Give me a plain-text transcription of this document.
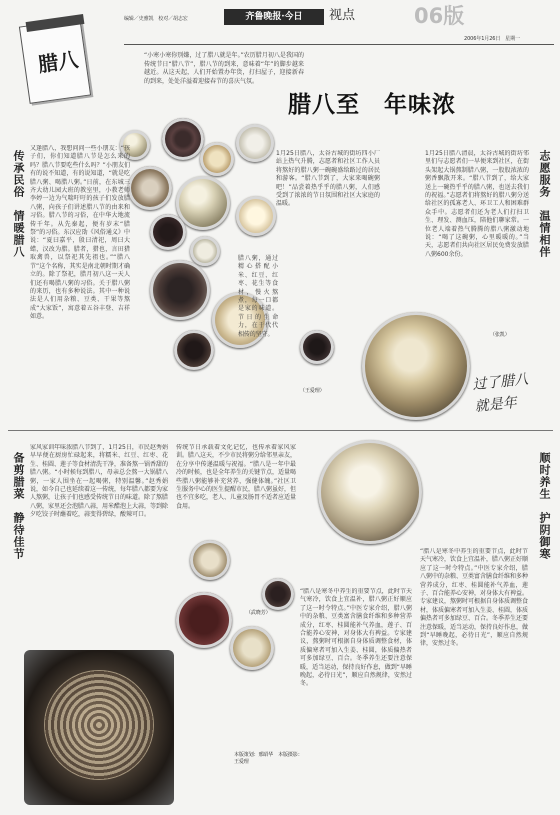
编辑／史雅凯　校对／胡志宏	齐鲁晚报·今日	视点	06版
2006年1月26日　星期一
腊八	“小寒小寒你别嫌，过了腊八就是年。”农历腊月初八是我国的传统节日“腊八节”，腊八节的到来，意味着“年”的脚步越来越近。从这天起，人们开始置办年货，打扫屋子，迎接新春的到来，处处洋溢着迎接春节的喜庆气氛。
腊八至　年味浓
传承民俗　情暖腊八
又逢腊八，我想问问一些小朋友：“孩子们，你们知道腊八节是怎么来的吗？腊八节要吃些什么吗？”小朋友们有的说不知道，有的说知道，“就是吃腊八粥、喝腊八粥。”日前，在东城三齐大幼儿园大班的教室里，小教老师李婷一边为气喘吁吁的孩子们发放腊八粥，向孩子们讲述腊八节的由来和习俗。腊八节的习俗，在中华大地流传千年。从先秦起，便有岁末“腊祭”的习俗。东汉应劭《风俗通义》中说：“夏曰嘉平，殷曰清祀，周曰大蜡，汉改为腊。腊者，猎也，言田猎取禽兽，以祭祀其先祖也。”“腊八节”这个名称，其实是南北朝时期才确立的。除了祭祀，腊月初八这一天人们还有喝腊八粥的习俗。关于腊八粥的来历，也有多种说法。其中一种说法是人们用杂粮、豆类、干果等熬成“大家饭”，寓意着五谷丰登、吉祥如意。
1月25日腊八，太谷古城的街坊四小厂站上热气升腾，志愿者和社区工作人员将熬好的腊八粥一碗碗盛给路过的居民和游客。“腊八节到了，大家来喝碗粥吧！”品尝着热乎乎的腊八粥，人们感受到了浓浓的节日氛围和社区大家庭的温暖。
腊八粥，通过精心搭配小米、红豆、红枣、花生等食材，慢火熬煮，每一口都是家的味道。节日的生命力，在于代代相传的坚守。
（王爱理）
志愿服务　温情相伴
1月25日腊八清晨，太谷古城的街坊邻里们与志愿者们一早便来到社区，在街头架起大锅熬制腊八粥，一股股浓浓的粥香飘散开来。“腊八节到了，给大家送上一碗热乎乎的腊八粥，也送去我们的祝福。”志愿者们将熬好的腊八粥分送给社区的孤寡老人、环卫工人和困难群众手中。志愿者们还为老人们打扫卫生、理发、测血压，陪他们聊家常。一位老人端着热气腾腾的腊八粥激动地说：“喝了这碗粥，心里暖暖的。”当天，志愿者们共向社区居民免费发放腊八粥600余份。
（张凯）
过了腊八　就是年
备剪腊菜　静待佳节
家风家训年味浓腊八节到了，1月25日，市民赵秀娟早早便在厨房忙碌起来，将糯米、红豆、红枣、花生、桂圆、莲子等食材清洗干净，准备熬一锅香甜的腊八粥。“小时候每到腊八，母亲总会熬一大锅腊八粥，一家人围坐在一起喝粥，特别温馨。”赵秀娟说，如今自己也延续着这一传统，每年腊八都要为家人熬粥，让孩子们也感受传统节日的味道。除了熬腊八粥，家里还会泡腊八蒜，用米醋泡上大蒜，等到除夕吃饺子时蘸着吃，蒜变得碧绿，酸辣可口。
传统节日承载着文化记忆，也传承着家风家训。腊八这天，不少市民将粥分给邻里亲友，在分享中传递温暖与祝福。“腊八是一年中最冷的时候，也是全年养生的关键节点，适量喝些腊八粥能够补充营养，强健体魄。”社区卫生服务中心的医生提醒市民，腊八粥虽好，但也不宜多吃，老人、儿童及肠胃不适者应适量食用。
（武晓芳）
“腊八是寒冬中养生的重要节点，此时节天气寒冷，饮食上宜温补，腊八粥正好顺应了这一时令特点。”中医专家介绍，腊八粥中的杂粮、豆类富含膳食纤维和多种营养成分，红枣、桂圆能补气养血，莲子、百合能养心安神，对身体大有裨益。专家建议，熬粥时可根据自身体质调整食材，体质偏寒者可加入生姜、桂圆，体质偏热者可多加绿豆、百合。冬季养生还要注意保暖，适当运动，保持良好作息，做到“早睡晚起，必待日光”，顺应自然规律，安然过冬。
顺时养生　护阴御寒
“腊八是寒冬中养生的重要节点，此时节天气寒冷，饮食上宜温补，腊八粥正好顺应了这一时令特点。”中医专家介绍，腊八粥中的杂粮、豆类富含膳食纤维和多种营养成分，红枣、桂圆能补气养血，莲子、百合能养心安神，对身体大有裨益。专家建议，熬粥时可根据自身体质调整食材，体质偏寒者可加入生姜、桂圆，体质偏热者可多加绿豆、百合。冬季养生还要注意保暖，适当运动，保持良好作息，做到“早睡晚起，必待日光”，顺应自然规律，安然过冬。
本版策划：邢昭华　本版摄影：王爱理
